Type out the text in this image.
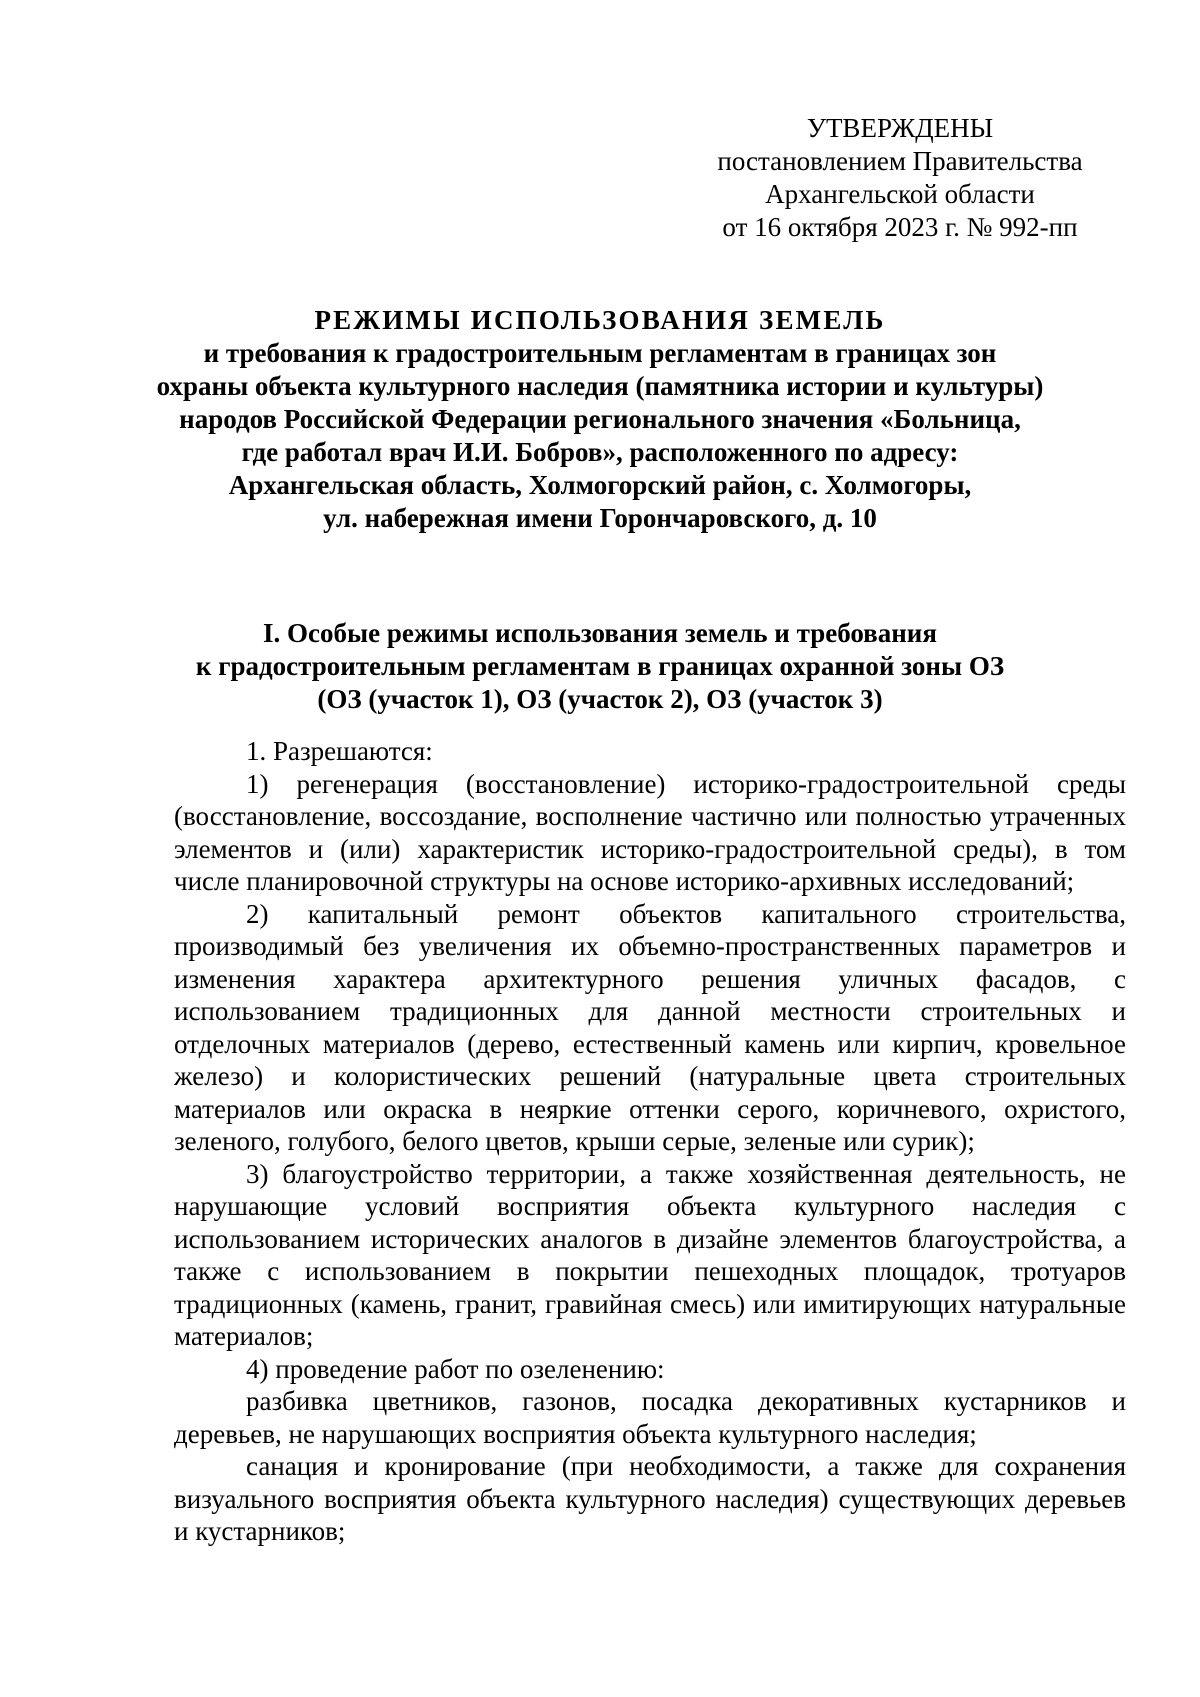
УТВЕРЖДЕНЫ
постановлением Правительства
Архангельской области
от 16 октября 2023 г. № 992-пп
РЕЖИМЫ ИСПОЛЬЗОВАНИЯ ЗЕМЕЛЬ
и требования к градостроительным регламентам в границах зон
охраны объекта культурного наследия (памятника истории и культуры)
народов Российской Федерации регионального значения «Больница,
где работал врач И.И. Бобров», расположенного по адресу:
Архангельская область, Холмогорский район, с. Холмогоры,
ул. набережная имени Горончаровского, д. 10
I. Особые режимы использования земель и требования
к градостроительным регламентам в границах охранной зоны ОЗ
(ОЗ (участок 1), ОЗ (участок 2), ОЗ (участок 3)

1. Разрешаются:

1) регенерация (восстановление) историко-градостроительной среды (восстановление, воссоздание, восполнение частично или полностью утраченных элементов и (или) характеристик историко-градостроительной среды), в том числе планировочной структуры на основе историко-архивных исследований;

2) капитальный ремонт объектов капитального строительства, производимый без увеличения их объемно-пространственных параметров и изменения характера архитектурного решения уличных фасадов, с использованием традиционных для данной местности строительных и отделочных материалов (дерево, естественный камень или кирпич, кровельное железо) и колористических решений (натуральные цвета строительных материалов или окраска в неяркие оттенки серого, коричневого, охристого, зеленого, голубого, белого цветов, крыши серые, зеленые или сурик);

3) благоустройство территории, а также хозяйственная деятельность, не нарушающие условий восприятия объекта культурного наследия с использованием исторических аналогов в дизайне элементов благоустройства, а также с использованием в покрытии пешеходных площадок, тротуаров традиционных (камень, гранит, гравийная смесь) или имитирующих натуральные материалов;

4) проведение работ по озеленению:

разбивка цветников, газонов, посадка декоративных кустарников и деревьев, не нарушающих восприятия объекта культурного наследия;

санация и кронирование (при необходимости, а также для сохранения визуального восприятия объекта культурного наследия) существующих деревьев и кустарников;
